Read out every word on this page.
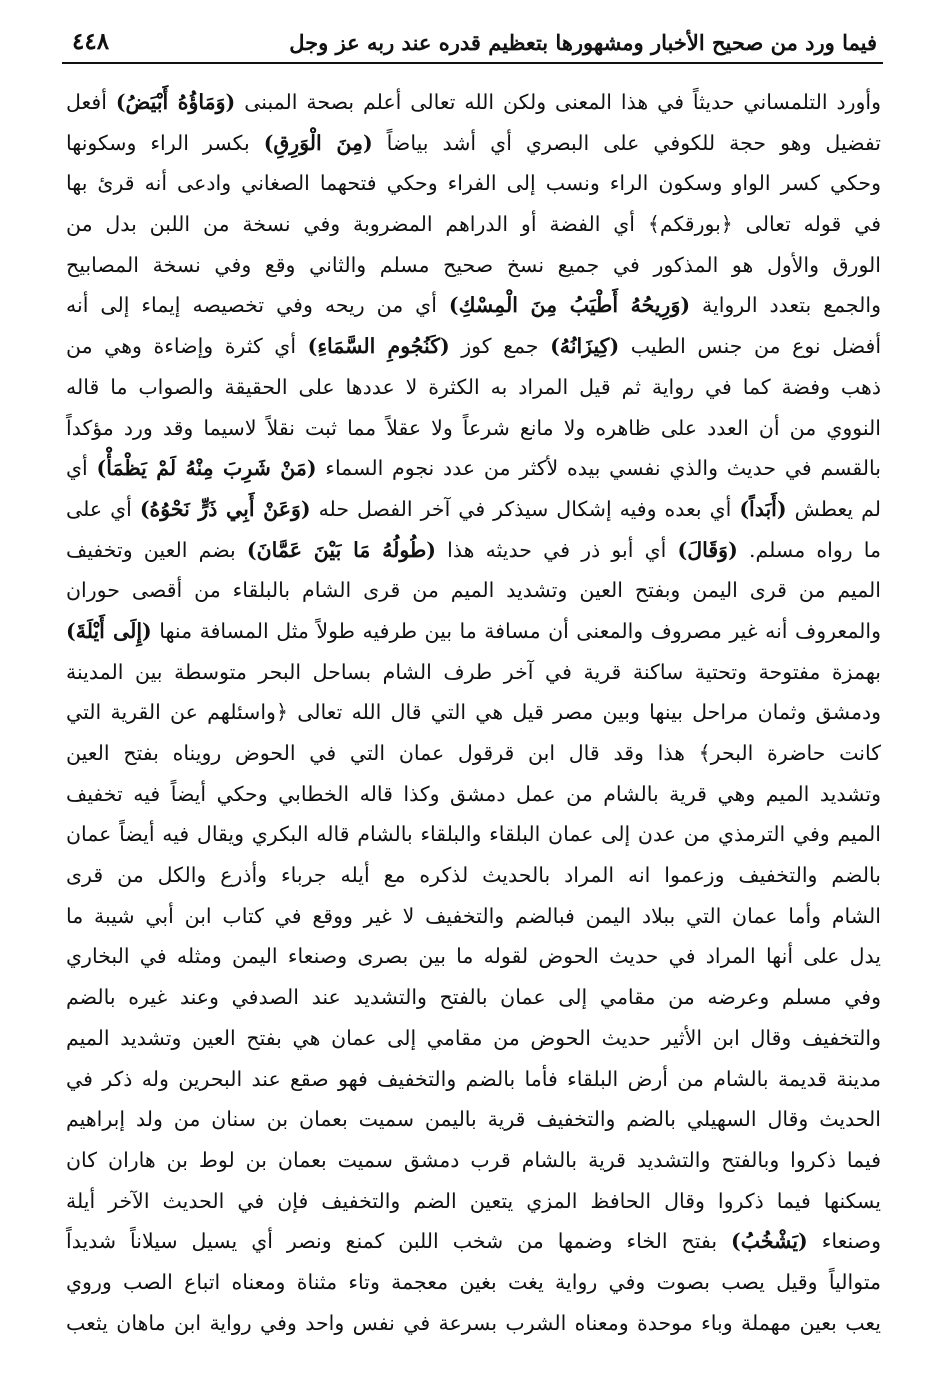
فيما ورد من صحيح الأخبار ومشهورها بتعظيم قدره عند ربه عز وجل
٤٤٨
وأورد التلمساني حديثاً في هذا المعنى ولكن الله تعالى أعلم بصحة المبنى (وَمَاؤُهُ أَبْيَضُ) أفعل
تفضيل وهو حجة للكوفي على البصري أي أشد بياضاً (مِنَ الْوَرِقِ) بكسر الراء وسكونها
وحكي كسر الواو وسكون الراء ونسب إلى الفراء وحكي فتحهما الصغاني وادعى أنه قرئ بها
في قوله تعالى ﴿بورقكم﴾ أي الفضة أو الدراهم المضروبة وفي نسخة من اللبن بدل من
الورق والأول هو المذكور في جميع نسخ صحيح مسلم والثاني وقع وفي نسخة المصابيح
والجمع بتعدد الرواية (وَرِيحُهُ أَطْيَبُ مِنَ الْمِسْكِ) أي من ريحه وفي تخصيصه إيماء إلى أنه
أفضل نوع من جنس الطيب (كِيزَانُهُ) جمع كوز (كَنُجُومِ السَّمَاءِ) أي كثرة وإضاءة وهي من
ذهب وفضة كما في رواية ثم قيل المراد به الكثرة لا عددها على الحقيقة والصواب ما قاله
النووي من أن العدد على ظاهره ولا مانع شرعاً ولا عقلاً مما ثبت نقلاً لاسيما وقد ورد مؤكداً
بالقسم في حديث والذي نفسي بيده لأكثر من عدد نجوم السماء (مَنْ شَرِبَ مِنْهُ لَمْ يَظْمَأْ) أي
لم يعطش (أَبَداً) أي بعده وفيه إشكال سيذكر في آخر الفصل حله (وَعَنْ أَبِي ذَرٍّ نَحْوُهُ) أي على
ما رواه مسلم. (وَقَالَ) أي أبو ذر في حديثه هذا (طُولُهُ مَا بَيْنَ عَمَّانَ) بضم العين وتخفيف
الميم من قرى اليمن وبفتح العين وتشديد الميم من قرى الشام بالبلقاء من أقصى حوران
والمعروف أنه غير مصروف والمعنى أن مسافة ما بين طرفيه طولاً مثل المسافة منها (إِلَى أَيْلَةَ)
بهمزة مفتوحة وتحتية ساكنة قرية في آخر طرف الشام بساحل البحر متوسطة بين المدينة
ودمشق وثمان مراحل بينها وبين مصر قيل هي التي قال الله تعالى ﴿واسئلهم عن القرية التي
كانت حاضرة البحر﴾ هذا وقد قال ابن قرقول عمان التي في الحوض رويناه بفتح العين
وتشديد الميم وهي قرية بالشام من عمل دمشق وكذا قاله الخطابي وحكي أيضاً فيه تخفيف
الميم وفي الترمذي من عدن إلى عمان البلقاء والبلقاء بالشام قاله البكري ويقال فيه أيضاً عمان
بالضم والتخفيف وزعموا انه المراد بالحديث لذكره مع أيله جرباء وأذرع والكل من قرى
الشام وأما عمان التي ببلاد اليمن فبالضم والتخفيف لا غير ووقع في كتاب ابن أبي شيبة ما
يدل على أنها المراد في حديث الحوض لقوله ما بين بصرى وصنعاء اليمن ومثله في البخاري
وفي مسلم وعرضه من مقامي إلى عمان بالفتح والتشديد عند الصدفي وعند غيره بالضم
والتخفيف وقال ابن الأثير حديث الحوض من مقامي إلى عمان هي بفتح العين وتشديد الميم
مدينة قديمة بالشام من أرض البلقاء فأما بالضم والتخفيف فهو صقع عند البحرين وله ذكر في
الحديث وقال السهيلي بالضم والتخفيف قرية باليمن سميت بعمان بن سنان من ولد إبراهيم
فيما ذكروا وبالفتح والتشديد قرية بالشام قرب دمشق سميت بعمان بن لوط بن هاران كان
يسكنها فيما ذكروا وقال الحافظ المزي يتعين الضم والتخفيف فإن في الحديث الآخر أيلة
وصنعاء (يَشْخُبُ) بفتح الخاء وضمها من شخب اللبن كمنع ونصر أي يسيل سيلاناً شديداً
متوالياً وقيل يصب بصوت وفي رواية يغت بغين معجمة وتاء مثناة ومعناه اتباع الصب وروي
يعب بعين مهملة وباء موحدة ومعناه الشرب بسرعة في نفس واحد وفي رواية ابن ماهان يثعب
